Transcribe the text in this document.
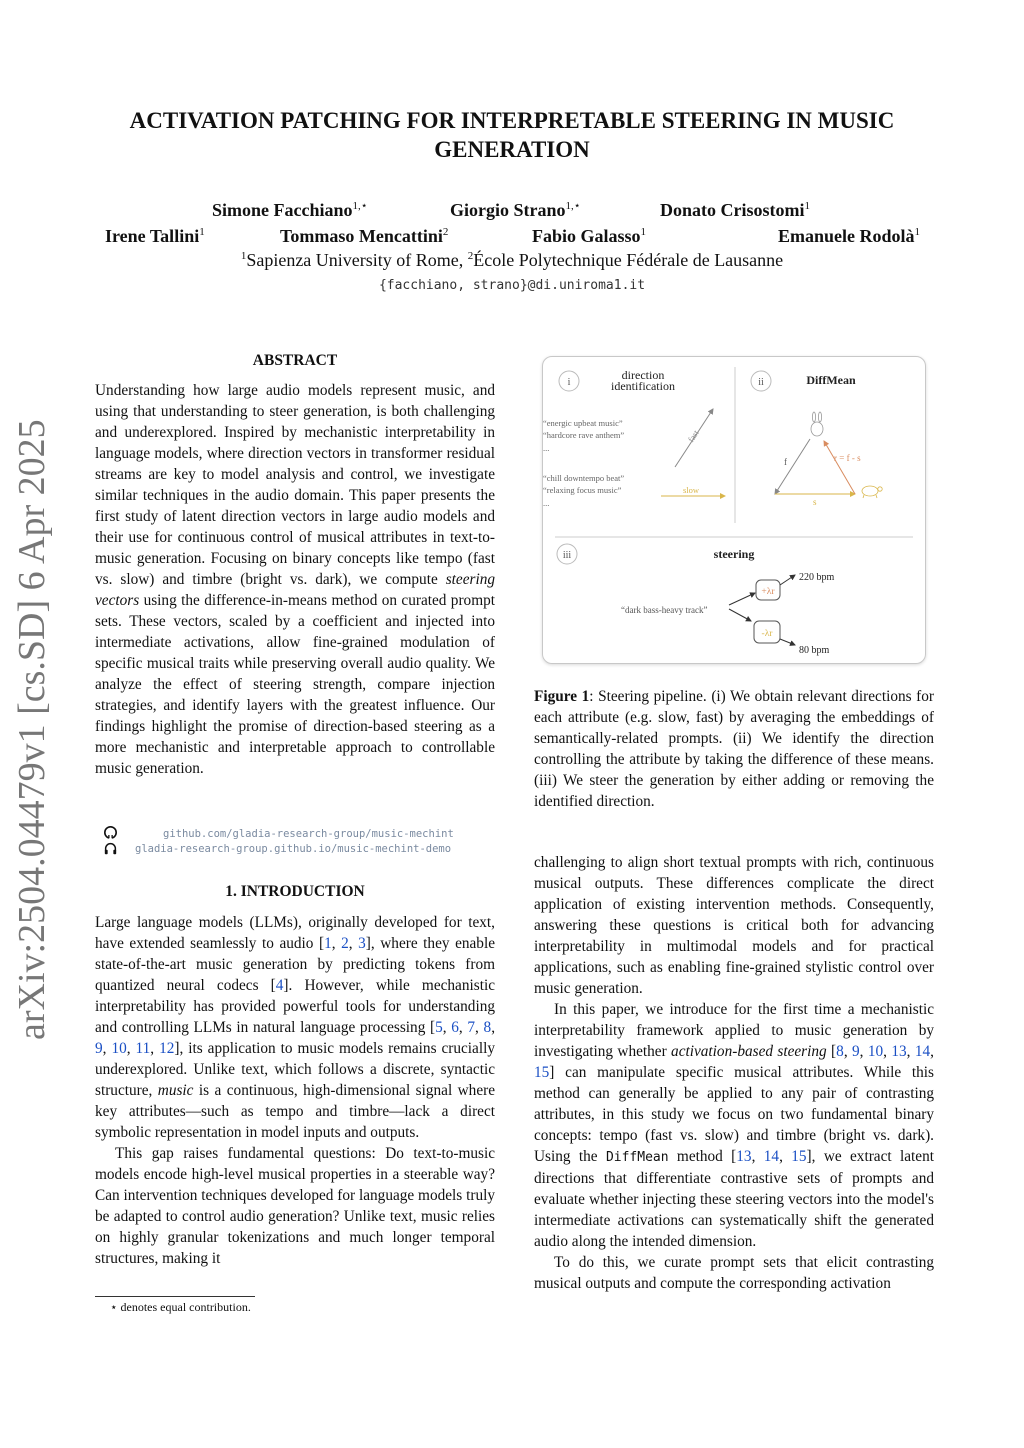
arXiv:2504.04479v1 [cs.SD] 6 Apr 2025
ACTIVATION PATCHING FOR INTERPRETABLE STEERING IN MUSIC
GENERATION
Simone Facchiano$^{1,⋆}$	Giorgio Strano$^{1,⋆}$	Donato Crisostomi$^1$
Irene Tallini$^1$	Tommaso Mencattini$^2$	Fabio Galasso$^1$	Emanuele Rodolà$^1$
$^1$Sapienza University of Rome, $^2$École Polytechnique Fédérale de Lausanne
{facchiano, strano}@di.uniroma1.it
ABSTRACT

Understanding how large audio models represent music, and using that understanding to steer generation, is both challenging and underexplored. Inspired by mechanistic interpretability in language models, where direction vectors in transformer residual streams are key to model analysis and control, we investigate similar techniques in the audio domain. This paper presents the first study of latent direction vectors in large audio models and their use for continuous control of musical attributes in text-to-music generation. Focusing on binary concepts like tempo (fast vs. slow) and timbre (bright vs. dark), we compute steering vectors using the difference-in-means method on curated prompt sets. These vectors, scaled by a coefficient and injected into intermediate activations, allow fine-grained modulation of specific musical traits while preserving overall audio quality. We analyze the effect of steering strength, compare injection strategies, and identify layers with the greatest influence. Our findings highlight the promise of direction-based steering as a more mechanistic and interpretable approach to controllable music generation.

github.com/gladia-research-group/music-mechint
gladia-research-group.github.io/music-mechint-demo
1. INTRODUCTION

Large language models (LLMs), originally developed for text, have extended seamlessly to audio [1, 2, 3], where they enable state-of-the-art music generation by predicting tokens from quantized neural codecs [4]. However, while mechanistic interpretability has provided powerful tools for understanding and controlling LLMs in natural language processing [5, 6, 7, 8, 9, 10, 11, 12], its application to music models remains crucially underexplored. Unlike text, which follows a discrete, syntactic structure, music is a continuous, high-dimensional signal where key attributes—such as tempo and timbre—lack a direct symbolic representation in model inputs and outputs.

This gap raises fundamental questions: Do text-to-music models encode high-level musical properties in a steerable way? Can intervention techniques developed for language models truly be adapted to control audio generation? Unlike text, music relies on highly granular tokenizations and much longer temporal structures, making it

⋆ denotes equal contribution.
i
direction
identification
“energic upbeat music”
“hardcore rave anthem”
...
“chill downtempo beat”
“relaxing focus music”
...
fast
slow
ii	DiffMean
f
s
r = f - s
iii	steering
“dark bass-heavy track”
+λr
-λr
220 bpm
80 bpm
Figure 1: Steering pipeline. (i) We obtain relevant directions for each attribute (e.g. slow, fast) by averaging the embeddings of semantically-related prompts. (ii) We identify the direction controlling the attribute by taking the difference of these means. (iii) We steer the generation by either adding or removing the identified direction.

challenging to align short textual prompts with rich, continuous musical outputs. These differences complicate the direct application of existing intervention methods. Consequently, answering these questions is critical both for advancing interpretability in multimodal models and for practical applications, such as enabling fine-grained stylistic control over music generation.

In this paper, we introduce for the first time a mechanistic interpretability framework applied to music generation by investigating whether activation-based steering [8, 9, 10, 13, 14, 15] can manipulate specific musical attributes. While this method can generally be applied to any pair of contrasting attributes, in this study we focus on two fundamental binary concepts: tempo (fast vs. slow) and timbre (bright vs. dark). Using the DiffMean method [13, 14, 15], we extract latent directions that differentiate contrastive sets of prompts and evaluate whether injecting these steering vectors into the model's intermediate activations can systematically shift the generated audio along the intended dimension.

To do this, we curate prompt sets that elicit contrasting musical outputs and compute the corresponding activation
